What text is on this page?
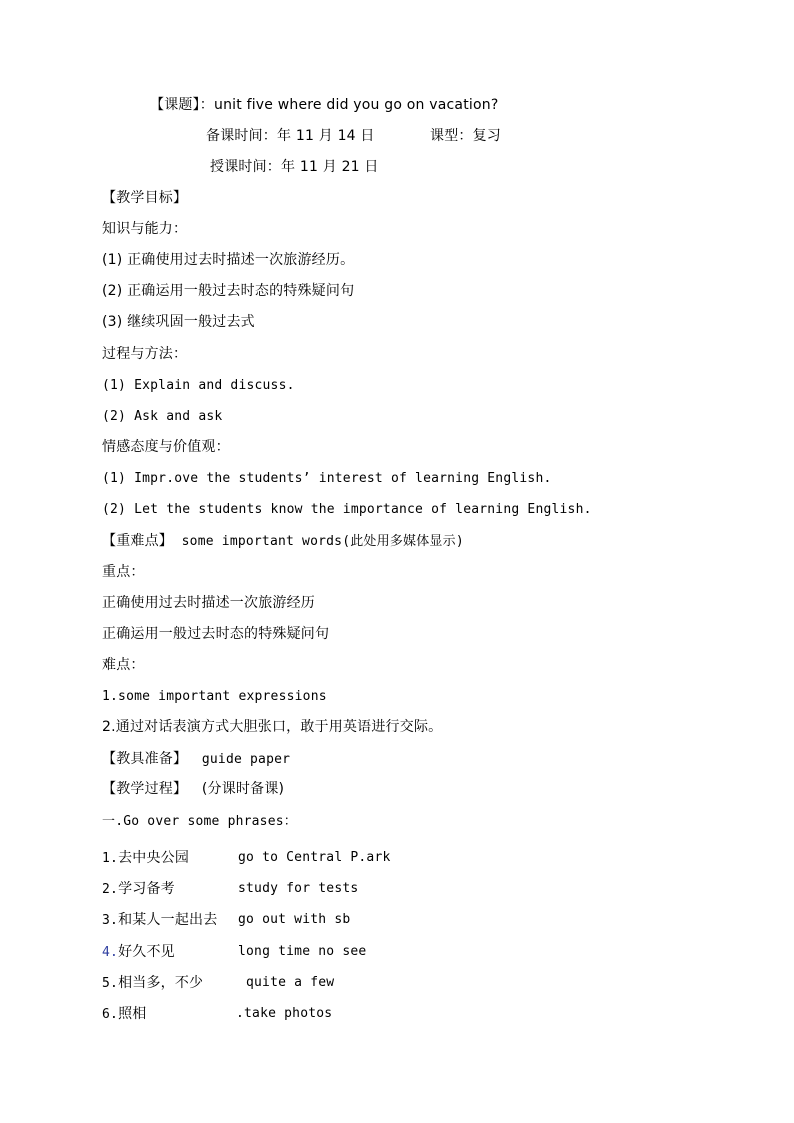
【课题】：unit five where did you go on vacation?
备课时间：年 11 月 14 日	课型：复习
授课时间：年 11 月 21 日
【教学目标】
知识与能力：
(1) 正确使用过去时描述一次旅游经历。
(2) 正确运用一般过去时态的特殊疑问句
(3) 继续巩固一般过去式
过程与方法：
(1) Explain and discuss.
(2) Ask and ask
情感态度与价值观：
(1) Impr.ove the students’ interest of learning English.
(2) Let the students know the importance of learning English.
【重难点】 some important words(此处用多媒体显示)
重点：
正确使用过去时描述一次旅游经历
正确运用一般过去时态的特殊疑问句
难点：
1.some important expressions
2.通过对话表演方式大胆张口，敢于用英语进行交际。
【教具准备】 guide paper
【教学过程】 (分课时备课)
一.Go over some phrases：
1.去中央公园	go to Central P.ark
2.学习备考	study for tests
3.和某人一起出去 go out with sb
4.好久不见	long time no see
5.相当多，不少	quite a few
6.照相	.take photos
